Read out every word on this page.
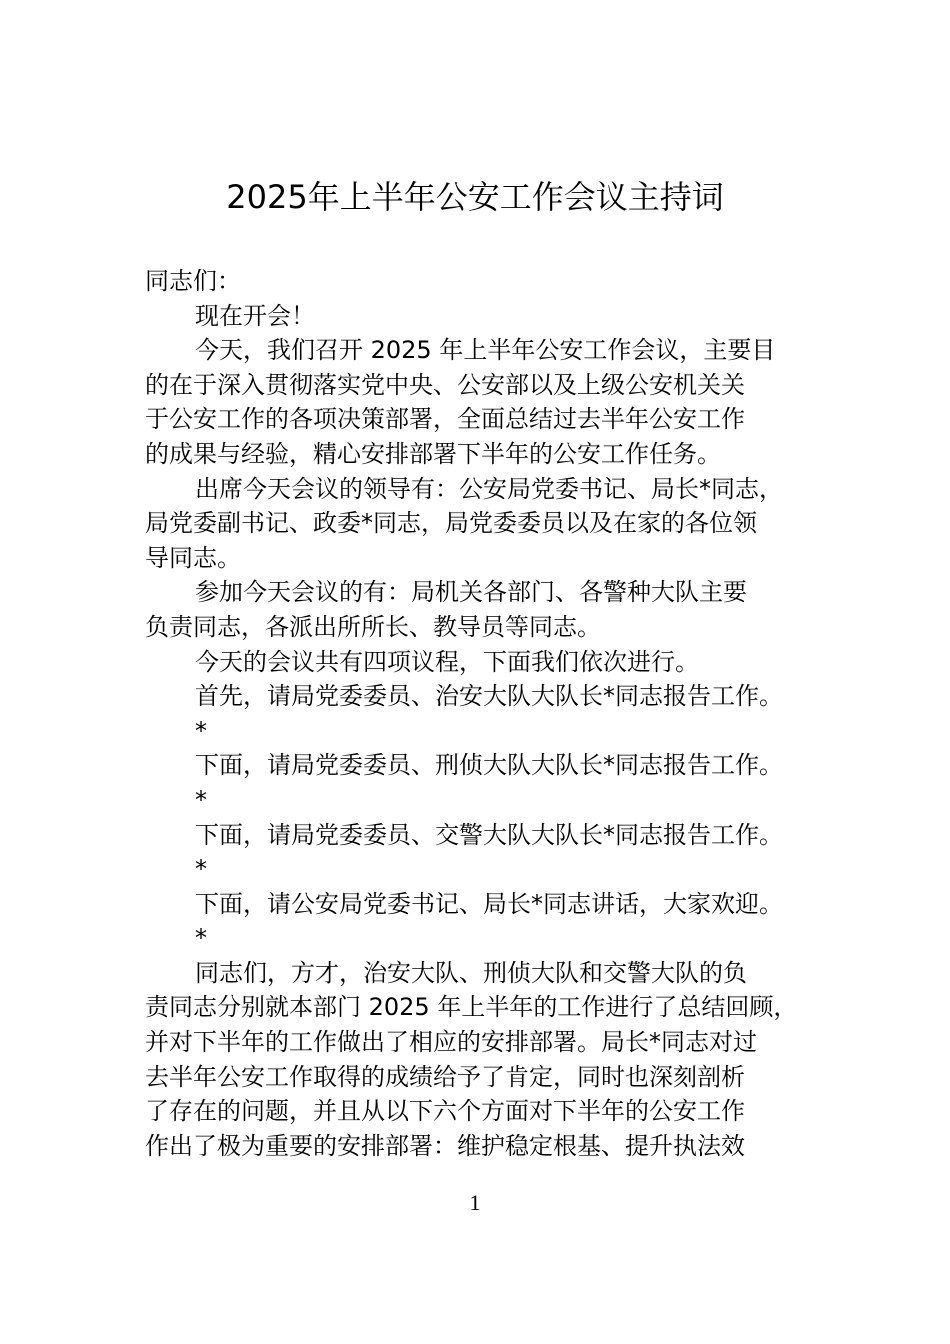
2025年上半年公安工作会议主持词
同志们：
现在开会！
今天，我们召开 2025 年上半年公安工作会议，主要目
的在于深入贯彻落实党中央、公安部以及上级公安机关关
于公安工作的各项决策部署，全面总结过去半年公安工作
的成果与经验，精心安排部署下半年的公安工作任务。
出席今天会议的领导有：公安局党委书记、局长*同志，
局党委副书记、政委*同志，局党委委员以及在家的各位领
导同志。
参加今天会议的有：局机关各部门、各警种大队主要
负责同志，各派出所所长、教导员等同志。
今天的会议共有四项议程，下面我们依次进行。
首先，请局党委委员、治安大队大队长*同志报告工作。
*
下面，请局党委委员、刑侦大队大队长*同志报告工作。
*
下面，请局党委委员、交警大队大队长*同志报告工作。
*
下面，请公安局党委书记、局长*同志讲话，大家欢迎。
*
同志们，方才，治安大队、刑侦大队和交警大队的负
责同志分别就本部门 2025 年上半年的工作进行了总结回顾，
并对下半年的工作做出了相应的安排部署。局长*同志对过
去半年公安工作取得的成绩给予了肯定，同时也深刻剖析
了存在的问题，并且从以下六个方面对下半年的公安工作
作出了极为重要的安排部署：维护稳定根基、提升执法效
1
